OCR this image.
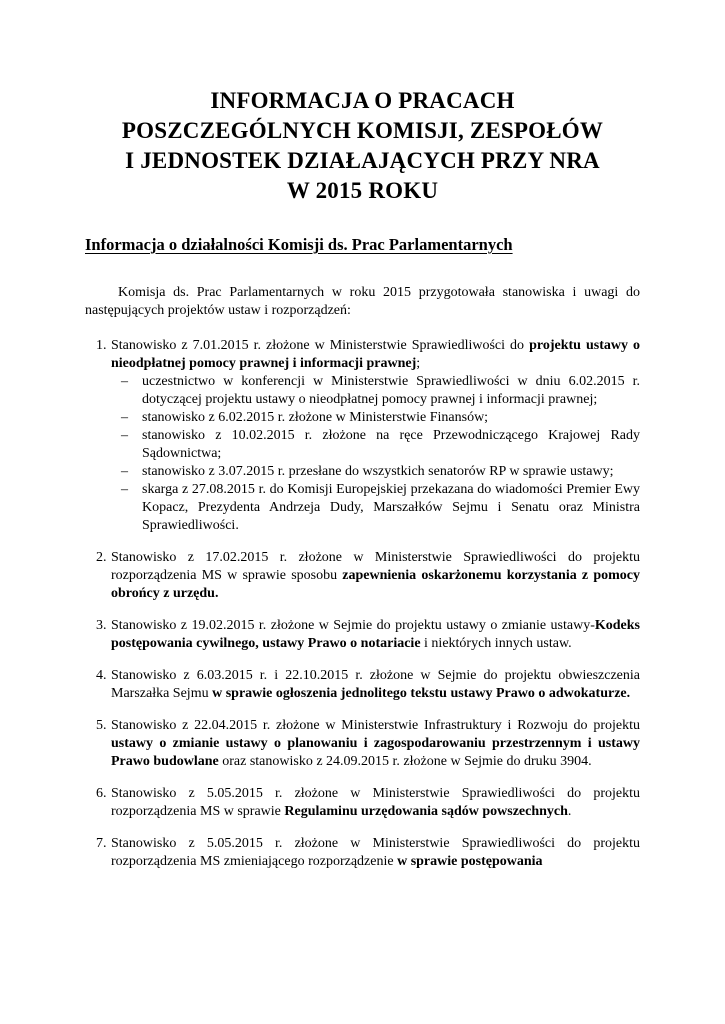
INFORMACJA O PRACACH
POSZCZEGÓLNYCH KOMISJI, ZESPOŁÓW
I JEDNOSTEK DZIAŁAJĄCYCH PRZY NRA
W 2015 ROKU
Informacja o działalności Komisji ds. Prac Parlamentarnych

Komisja ds. Prac Parlamentarnych w roku 2015 przygotowała stanowiska i uwagi do następujących projektów ustaw i rozporządzeń:

1. Stanowisko z 7.01.2015 r. złożone w Ministerstwie Sprawiedliwości do projektu ustawy o nieodpłatnej pomocy prawnej i informacji prawnej;
–	uczestnictwo w konferencji w Ministerstwie Sprawiedliwości w dniu 6.02.2015 r. dotyczącej projektu ustawy o nieodpłatnej pomocy prawnej i informacji prawnej;
–	stanowisko z 6.02.2015 r. złożone w Ministerstwie Finansów;
–	stanowisko z 10.02.2015 r. złożone na ręce Przewodniczącego Krajowej Rady Sądownictwa;
–	stanowisko z 3.07.2015 r. przesłane do wszystkich senatorów RP w sprawie ustawy;
–	skarga z 27.08.2015 r. do Komisji Europejskiej przekazana do wiadomości Premier Ewy Kopacz, Prezydenta Andrzeja Dudy, Marszałków Sejmu i Senatu oraz Ministra Sprawiedliwości.
2. Stanowisko z 17.02.2015 r. złożone w Ministerstwie Sprawiedliwości do projektu rozporządzenia MS w sprawie sposobu zapewnienia oskarżonemu korzystania z pomocy obrońcy z urzędu.
3. Stanowisko z 19.02.2015 r. złożone w Sejmie do projektu ustawy o zmianie ustawy-Kodeks postępowania cywilnego, ustawy Prawo o notariacie i niektórych innych ustaw.
4. Stanowisko z 6.03.2015 r. i 22.10.2015 r. złożone w Sejmie do projektu obwieszczenia Marszałka Sejmu w sprawie ogłoszenia jednolitego tekstu ustawy Prawo o adwokaturze.
5. Stanowisko z 22.04.2015 r. złożone w Ministerstwie Infrastruktury i Rozwoju do projektu ustawy o zmianie ustawy o planowaniu i zagospodarowaniu przestrzennym i ustawy Prawo budowlane oraz stanowisko z 24.09.2015 r. złożone w Sejmie do druku 3904.
6. Stanowisko z 5.05.2015 r. złożone w Ministerstwie Sprawiedliwości do projektu rozporządzenia MS w sprawie Regulaminu urzędowania sądów powszechnych.
7. Stanowisko z 5.05.2015 r. złożone w Ministerstwie Sprawiedliwości do projektu rozporządzenia MS zmieniającego rozporządzenie w sprawie postępowania
